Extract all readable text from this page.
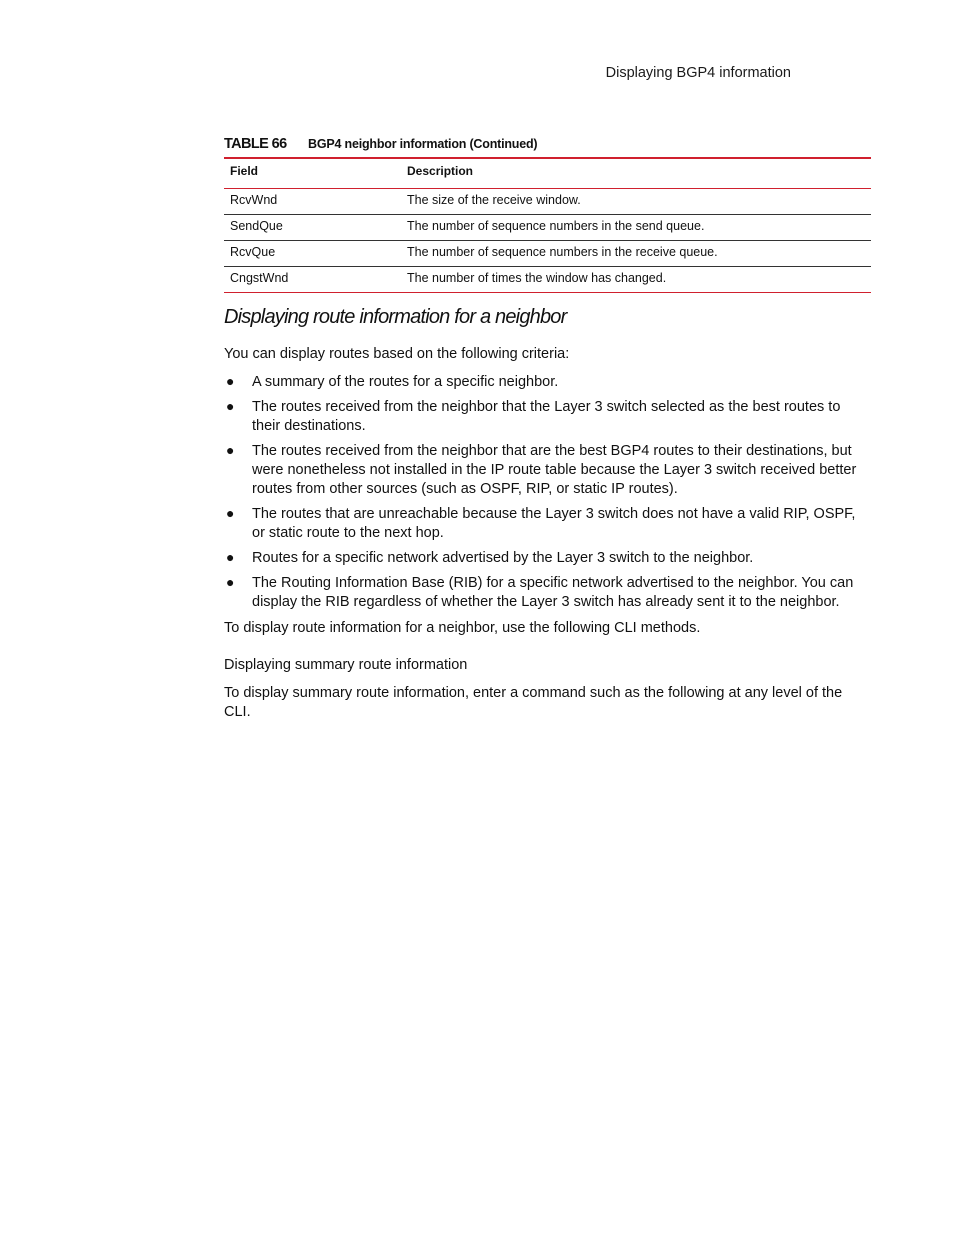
Displaying BGP4 information
TABLE 66 BGP4 neighbor information (Continued)
Field	Description
RcvWnd	The size of the receive window.
SendQue	The number of sequence numbers in the send queue.
RcvQue	The number of sequence numbers in the receive queue.
CngstWnd	The number of times the window has changed.
Displaying route information for a neighbor

You can display routes based on the following criteria:

● A summary of the routes for a specific neighbor.
● The routes received from the neighbor that the Layer 3 switch selected as the best routes to their destinations.
● The routes received from the neighbor that are the best BGP4 routes to their destinations, but were nonetheless not installed in the IP route table because the Layer 3 switch received better routes from other sources (such as OSPF, RIP, or static IP routes).
● The routes that are unreachable because the Layer 3 switch does not have a valid RIP, OSPF, or static route to the next hop.
● Routes for a specific network advertised by the Layer 3 switch to the neighbor.
● The Routing Information Base (RIB) for a specific network advertised to the neighbor. You can display the RIB regardless of whether the Layer 3 switch has already sent it to the neighbor.

To display route information for a neighbor, use the following CLI methods.

Displaying summary route information

To display summary route information, enter a command such as the following at any level of the CLI.
